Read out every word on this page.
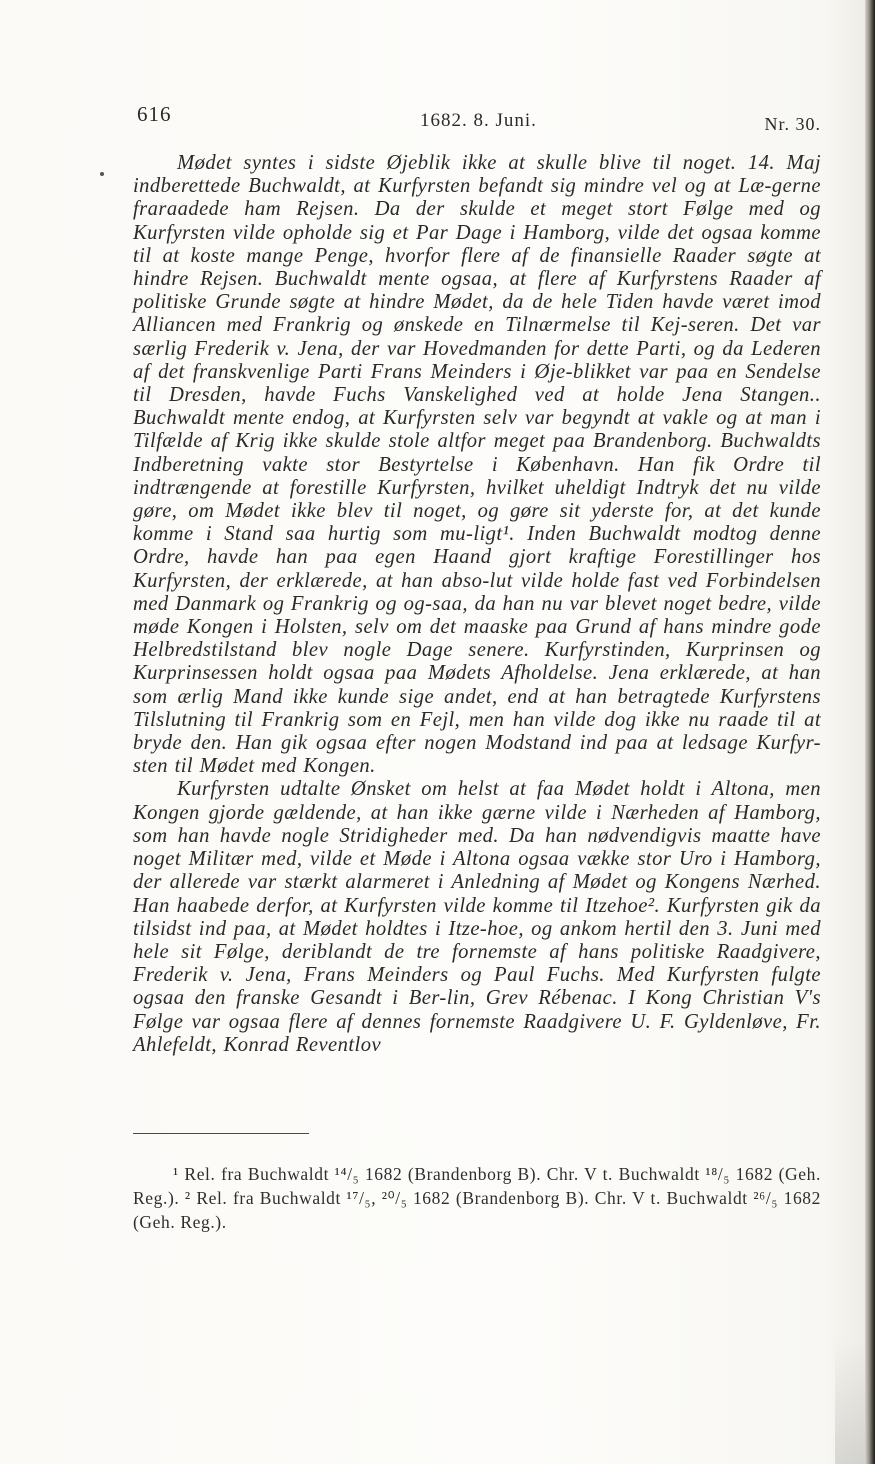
616	1682. 8. Juni.	Nr. 30.

Mødet syntes i sidste Øjeblik ikke at skulle blive til noget. 14. Maj indberettede Buchwaldt, at Kurfyrsten befandt sig mindre vel og at Læ-gerne fraraadede ham Rejsen. Da der skulde et meget stort Følge med og Kurfyrsten vilde opholde sig et Par Dage i Hamborg, vilde det ogsaa komme til at koste mange Penge, hvorfor flere af de finansielle Raader søgte at hindre Rejsen. Buchwaldt mente ogsaa, at flere af Kurfyrstens Raader af politiske Grunde søgte at hindre Mødet, da de hele Tiden havde været imod Alliancen med Frankrig og ønskede en Tilnærmelse til Kej-seren. Det var særlig Frederik v. Jena, der var Hovedmanden for dette Parti, og da Lederen af det franskvenlige Parti Frans Meinders i Øje-blikket var paa en Sendelse til Dresden, havde Fuchs Vanskelighed ved at holde Jena Stangen.. Buchwaldt mente endog, at Kurfyrsten selv var begyndt at vakle og at man i Tilfælde af Krig ikke skulde stole altfor meget paa Brandenborg. Buchwaldts Indberetning vakte stor Bestyrtelse i København. Han fik Ordre til indtrængende at forestille Kurfyrsten, hvilket uheldigt Indtryk det nu vilde gøre, om Mødet ikke blev til noget, og gøre sit yderste for, at det kunde komme i Stand saa hurtig som mu-ligt¹. Inden Buchwaldt modtog denne Ordre, havde han paa egen Haand gjort kraftige Forestillinger hos Kurfyrsten, der erklærede, at han abso-lut vilde holde fast ved Forbindelsen med Danmark og Frankrig og og-saa, da han nu var blevet noget bedre, vilde møde Kongen i Holsten, selv om det maaske paa Grund af hans mindre gode Helbredstilstand blev nogle Dage senere. Kurfyrstinden, Kurprinsen og Kurprinsessen holdt ogsaa paa Mødets Afholdelse. Jena erklærede, at han som ærlig Mand ikke kunde sige andet, end at han betragtede Kurfyrstens Tilslutning til Frankrig som en Fejl, men han vilde dog ikke nu raade til at bryde den. Han gik ogsaa efter nogen Modstand ind paa at ledsage Kurfyr-sten til Mødet med Kongen.

Kurfyrsten udtalte Ønsket om helst at faa Mødet holdt i Altona, men Kongen gjorde gældende, at han ikke gærne vilde i Nærheden af Hamborg, som han havde nogle Stridigheder med. Da han nødvendigvis maatte have noget Militær med, vilde et Møde i Altona ogsaa vække stor Uro i Hamborg, der allerede var stærkt alarmeret i Anledning af Mødet og Kongens Nærhed. Han haabede derfor, at Kurfyrsten vilde komme til Itzehoe². Kurfyrsten gik da tilsidst ind paa, at Mødet holdtes i Itze-hoe, og ankom hertil den 3. Juni med hele sit Følge, deriblandt de tre fornemste af hans politiske Raadgivere, Frederik v. Jena, Frans Meinders og Paul Fuchs. Med Kurfyrsten fulgte ogsaa den franske Gesandt i Ber-lin, Grev Rébenac. I Kong Christian V's Følge var ogsaa flere af dennes fornemste Raadgivere U. F. Gyldenløve, Fr. Ahlefeldt, Konrad Reventlov

¹ Rel. fra Buchwaldt ¹⁴/₅ 1682 (Brandenborg B). Chr. V t. Buchwaldt ¹⁸/₅ 1682 (Geh. Reg.). ² Rel. fra Buchwaldt ¹⁷/₅, ²⁰/₅ 1682 (Brandenborg B). Chr. V t. Buchwaldt ²⁶/₅ 1682 (Geh. Reg.).
